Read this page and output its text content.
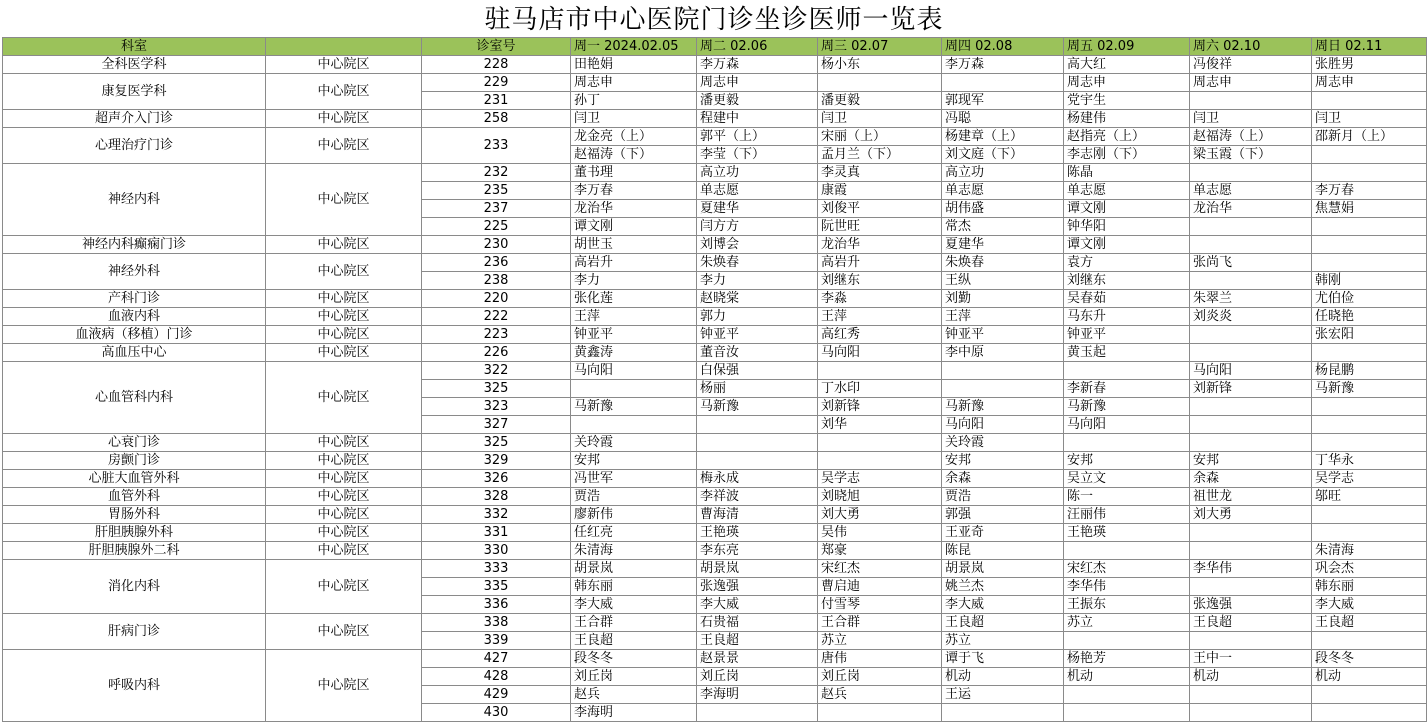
驻马店市中心医院门诊坐诊医师一览表
科室		诊室号	周一 2024.02.05	周二 02.06	周三 02.07	周四 02.08	周五 02.09	周六 02.10	周日 02.11
全科医学科	中心院区	228	田艳娟	李万森	杨小东	李万森	高大红	冯俊祥	张胜男
康复医学科	中心院区	229	周志申	周志申			周志申	周志申	周志申
		231	孙丁	潘更毅	潘更毅	郭现军	党宇生		
超声介入门诊	中心院区	258	闫卫	程建中	闫卫	冯聪	杨建伟	闫卫	闫卫
心理治疗门诊	中心院区	233	龙金亮（上）	郭平（上）	宋丽（上）	杨建章（上）	赵指亮（上）	赵福涛（上）	邵新月（上）
			赵福涛（下）	李莹（下）	孟月兰（下）	刘文庭（下）	李志刚（下）	梁玉霞（下）	
神经内科	中心院区	232	董书理	高立功	李灵真	高立功	陈晶		
		235	李万春	单志愿	康霞	单志愿	单志愿	单志愿	李万春
		237	龙治华	夏建华	刘俊平	胡伟盛	谭文刚	龙治华	焦慧娟
		225	谭文刚	闫方方	阮世旺	常杰	钟华阳		
神经内科癫痫门诊	中心院区	230	胡世玉	刘博会	龙治华	夏建华	谭文刚		
神经外科	中心院区	236	高岩升	朱焕春	高岩升	朱焕春	袁方	张尚飞	
		238	李力	李力	刘继东	王纵	刘继东		韩刚
产科门诊	中心院区	220	张化莲	赵晓棠	李淼	刘勤	吴春茹	朱翠兰	尤伯俭
血液内科	中心院区	222	王萍	郭力	王萍	王萍	马东升	刘炎炎	任晓艳
血液病（移植）门诊	中心院区	223	钟亚平	钟亚平	高红秀	钟亚平	钟亚平		张宏阳
高血压中心	中心院区	226	黄鑫涛	董音汝	马向阳	李中原	黄玉起		
心血管科内科	中心院区	322	马向阳	白保强				马向阳	杨昆鹏
		325		杨丽	丁水印		李新春	刘新锋	马新豫
		323	马新豫	马新豫	刘新锋	马新豫	马新豫		
		327			刘华	马向阳	马向阳		
心衰门诊	中心院区	325	关玲霞			关玲霞			
房颤门诊	中心院区	329	安邦			安邦	安邦	安邦	丁华永
心脏大血管外科	中心院区	326	冯世军	梅永成	吴学志	余森	吴立文	余森	吴学志
血管外科	中心院区	328	贾浩	李祥波	刘晓旭	贾浩	陈一	祖世龙	邬旺
胃肠外科	中心院区	332	廖新伟	曹海清	刘大勇	郭强	汪丽伟	刘大勇	
肝胆胰腺外科	中心院区	331	任红亮	王艳瑛	吴伟	王亚奇	王艳瑛		
肝胆胰腺外二科	中心院区	330	朱清海	李东亮	郑豪	陈昆			朱清海
消化内科	中心院区	333	胡景岚	胡景岚	宋红杰	胡景岚	宋红杰	李华伟	巩会杰
		335	韩东丽	张逸强	曹启迪	姚兰杰	李华伟		韩东丽
		336	李大威	李大威	付雪琴	李大威	王振东	张逸强	李大威
肝病门诊	中心院区	338	王合群	石贵福	王合群	王良超	苏立	王良超	王良超
		339	王良超	王良超	苏立	苏立			
呼吸内科	中心院区	427	段冬冬	赵景景	唐伟	谭于飞	杨艳芳	王中一	段冬冬
		428	刘丘岗	刘丘岗	刘丘岗	机动	机动	机动	机动
		429	赵兵	李海明	赵兵	王运			
		430	李海明						
